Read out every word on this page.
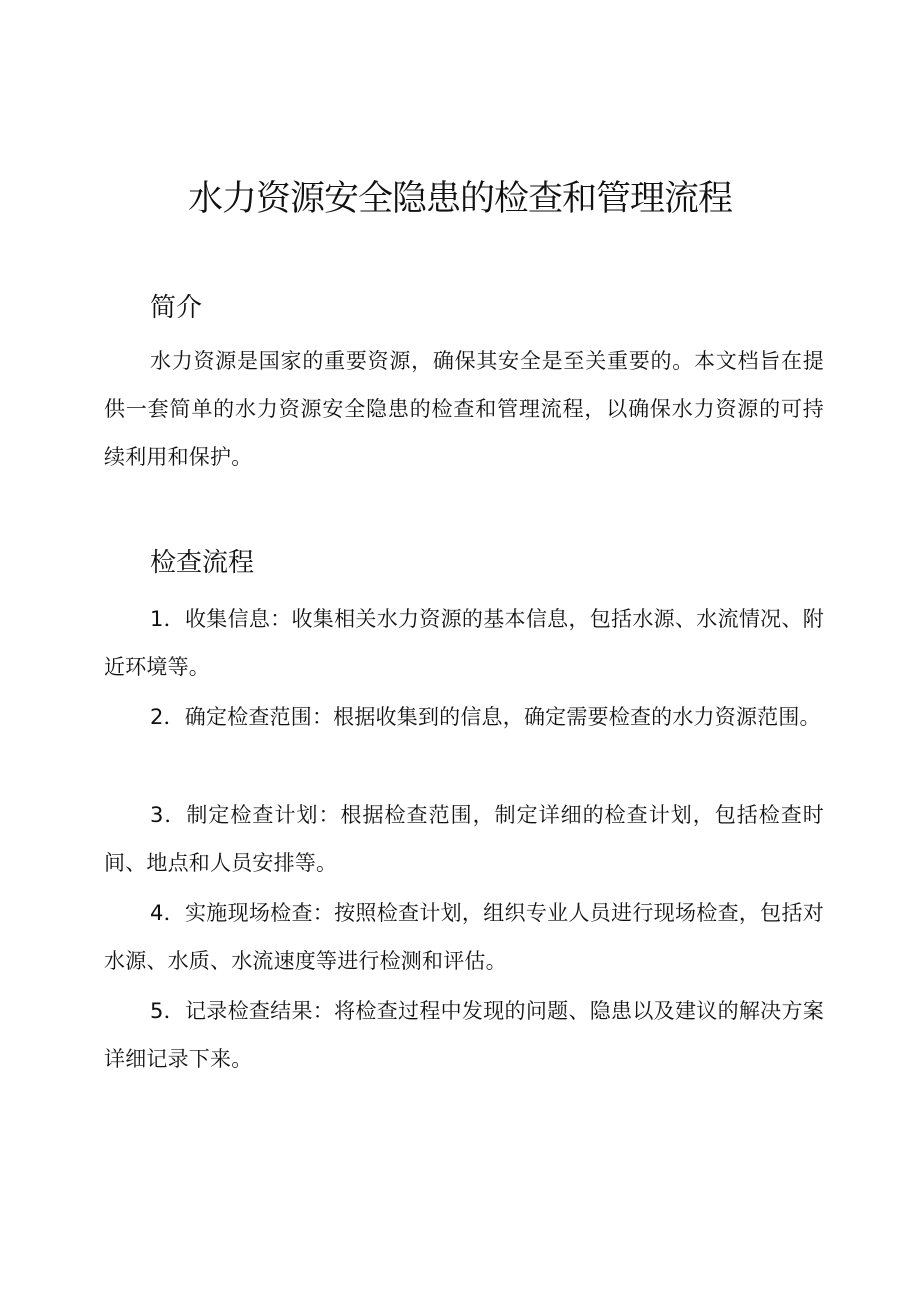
水力资源安全隐患的检查和管理流程
简介

水力资源是国家的重要资源，确保其安全是至关重要的。本文档旨在提供一套简单的水力资源安全隐患的检查和管理流程，以确保水力资源的可持续利用和保护。

检查流程

1．收集信息：收集相关水力资源的基本信息，包括水源、水流情况、附近环境等。

2．确定检查范围：根据收集到的信息，确定需要检查的水力资源范围。

3．制定检查计划：根据检查范围，制定详细的检查计划，包括检查时间、地点和人员安排等。

4．实施现场检查：按照检查计划，组织专业人员进行现场检查，包括对水源、水质、水流速度等进行检测和评估。

5．记录检查结果：将检查过程中发现的问题、隐患以及建议的解决方案详细记录下来。
